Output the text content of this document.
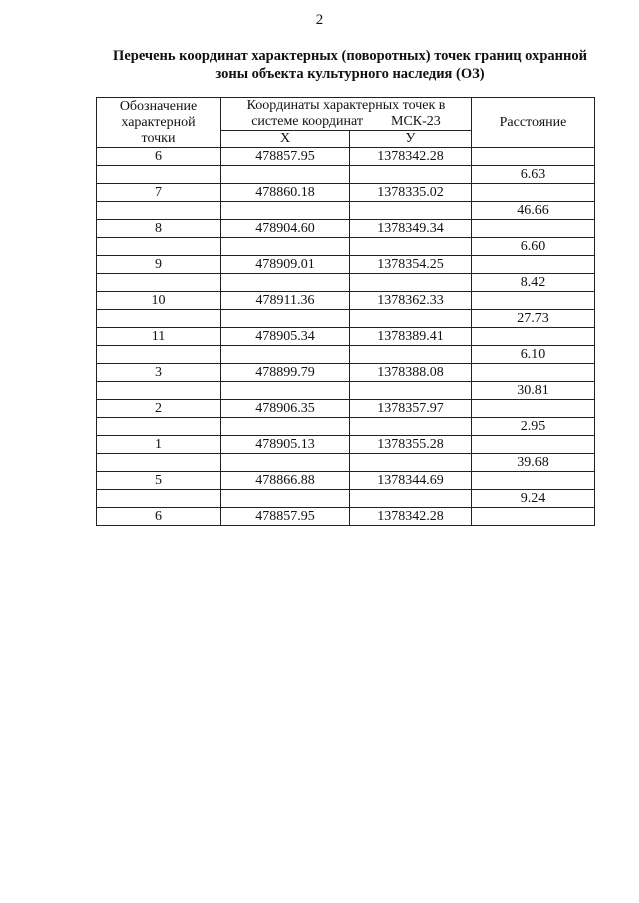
2
Перечень координат характерных (поворотных) точек границ охранной
зоны объекта культурного наследия (ОЗ)
Обозначение
характерной
точки	Координаты характерных точек в
системе координат МСК-23		Расстояние
	X	У	
6	478857.95	1378342.28	
			6.63
7	478860.18	1378335.02	
			46.66
8	478904.60	1378349.34	
			6.60
9	478909.01	1378354.25	
			8.42
10	478911.36	1378362.33	
			27.73
11	478905.34	1378389.41	
			6.10
3	478899.79	1378388.08	
			30.81
2	478906.35	1378357.97	
			2.95
1	478905.13	1378355.28	
			39.68
5	478866.88	1378344.69	
			9.24
6	478857.95	1378342.28	
